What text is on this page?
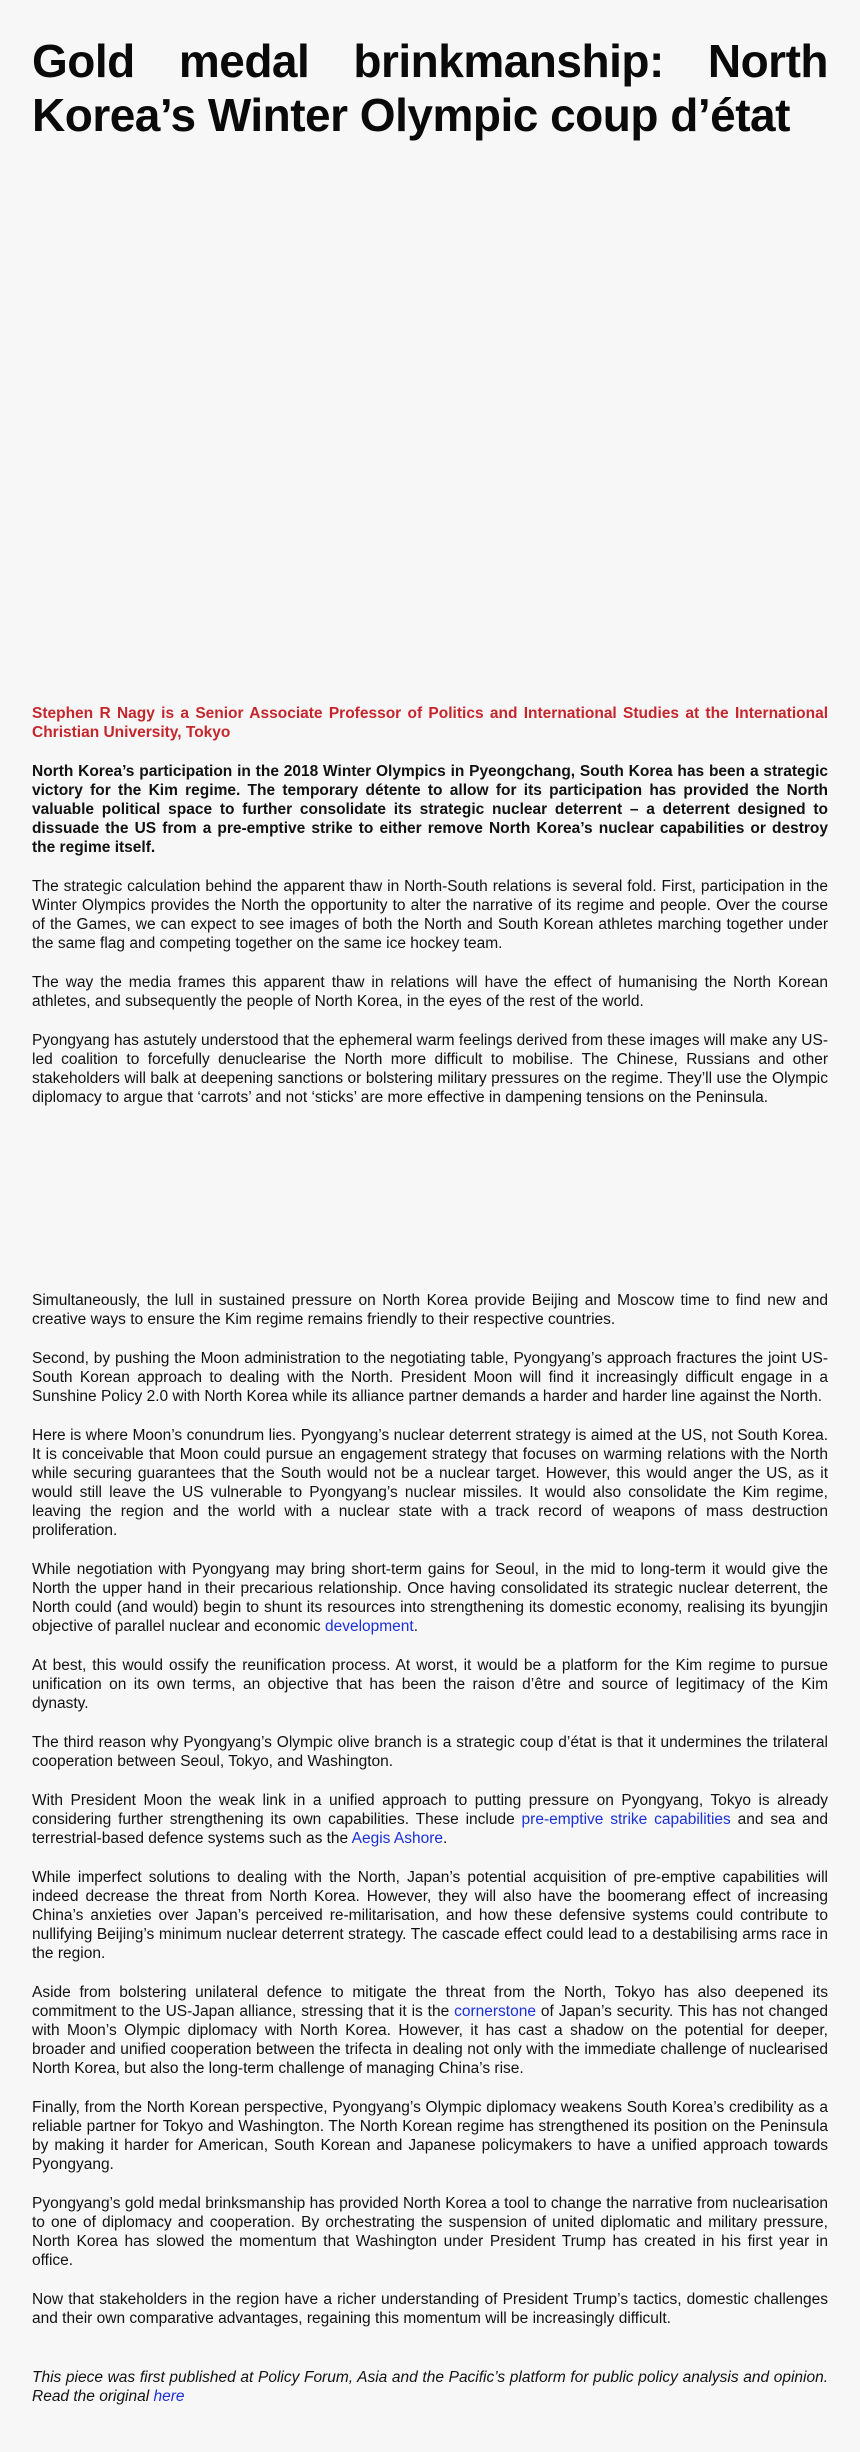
Gold medal brinkmanship: North Korea’s Winter Olympic coup d’état
Stephen R Nagy is a Senior Associate Professor of Politics and International Studies at the International Christian University, Tokyo

North Korea’s participation in the 2018 Winter Olympics in Pyeongchang, South Korea has been a strategic victory for the Kim regime. The temporary détente to allow for its participation has provided the North valuable political space to further consolidate its strategic nuclear deterrent – a deterrent designed to dissuade the US from a pre-emptive strike to either remove North Korea’s nuclear capabilities or destroy the regime itself.

The strategic calculation behind the apparent thaw in North-South relations is several fold. First, participation in the Winter Olympics provides the North the opportunity to alter the narrative of its regime and people. Over the course of the Games, we can expect to see images of both the North and South Korean athletes marching together under the same flag and competing together on the same ice hockey team.

The way the media frames this apparent thaw in relations will have the effect of humanising the North Korean athletes, and subsequently the people of North Korea, in the eyes of the rest of the world.

Pyongyang has astutely understood that the ephemeral warm feelings derived from these images will make any US-led coalition to forcefully denuclearise the North more difficult to mobilise. The Chinese, Russians and other stakeholders will balk at deepening sanctions or bolstering military pressures on the regime. They’ll use the Olympic diplomacy to argue that ‘carrots’ and not ‘sticks’ are more effective in dampening tensions on the Peninsula.

Simultaneously, the lull in sustained pressure on North Korea provide Beijing and Moscow time to find new and creative ways to ensure the Kim regime remains friendly to their respective countries.

Second, by pushing the Moon administration to the negotiating table, Pyongyang’s approach fractures the joint US-South Korean approach to dealing with the North. President Moon will find it increasingly difficult engage in a Sunshine Policy 2.0 with North Korea while its alliance partner demands a harder and harder line against the North.

Here is where Moon’s conundrum lies. Pyongyang’s nuclear deterrent strategy is aimed at the US, not South Korea. It is conceivable that Moon could pursue an engagement strategy that focuses on warming relations with the North while securing guarantees that the South would not be a nuclear target. However, this would anger the US, as it would still leave the US vulnerable to Pyongyang’s nuclear missiles. It would also consolidate the Kim regime, leaving the region and the world with a nuclear state with a track record of weapons of mass destruction proliferation.

While negotiation with Pyongyang may bring short-term gains for Seoul, in the mid to long-term it would give the North the upper hand in their precarious relationship. Once having consolidated its strategic nuclear deterrent, the North could (and would) begin to shunt its resources into strengthening its domestic economy, realising its byungjin objective of parallel nuclear and economic development.

At best, this would ossify the reunification process. At worst, it would be a platform for the Kim regime to pursue unification on its own terms, an objective that has been the raison d’être and source of legitimacy of the Kim dynasty.

The third reason why Pyongyang’s Olympic olive branch is a strategic coup d’état is that it undermines the trilateral cooperation between Seoul, Tokyo, and Washington.

With President Moon the weak link in a unified approach to putting pressure on Pyongyang, Tokyo is already considering further strengthening its own capabilities. These include pre-emptive strike capabilities and sea and terrestrial-based defence systems such as the Aegis Ashore.

While imperfect solutions to dealing with the North, Japan’s potential acquisition of pre-emptive capabilities will indeed decrease the threat from North Korea. However, they will also have the boomerang effect of increasing China’s anxieties over Japan’s perceived re-militarisation, and how these defensive systems could contribute to nullifying Beijing’s minimum nuclear deterrent strategy. The cascade effect could lead to a destabilising arms race in the region.

Aside from bolstering unilateral defence to mitigate the threat from the North, Tokyo has also deepened its commitment to the US-Japan alliance, stressing that it is the cornerstone of Japan’s security. This has not changed with Moon’s Olympic diplomacy with North Korea. However, it has cast a shadow on the potential for deeper, broader and unified cooperation between the trifecta in dealing not only with the immediate challenge of nuclearised North Korea, but also the long-term challenge of managing China’s rise.

Finally, from the North Korean perspective, Pyongyang’s Olympic diplomacy weakens South Korea’s credibility as a reliable partner for Tokyo and Washington. The North Korean regime has strengthened its position on the Peninsula by making it harder for American, South Korean and Japanese policymakers to have a unified approach towards Pyongyang.

Pyongyang’s gold medal brinksmanship has provided North Korea a tool to change the narrative from nuclearisation to one of diplomacy and cooperation. By orchestrating the suspension of united diplomatic and military pressure, North Korea has slowed the momentum that Washington under President Trump has created in his first year in office.

Now that stakeholders in the region have a richer understanding of President Trump’s tactics, domestic challenges and their own comparative advantages, regaining this momentum will be increasingly difficult.

This piece was first published at Policy Forum, Asia and the Pacific’s platform for public policy analysis and opinion. Read the original here
